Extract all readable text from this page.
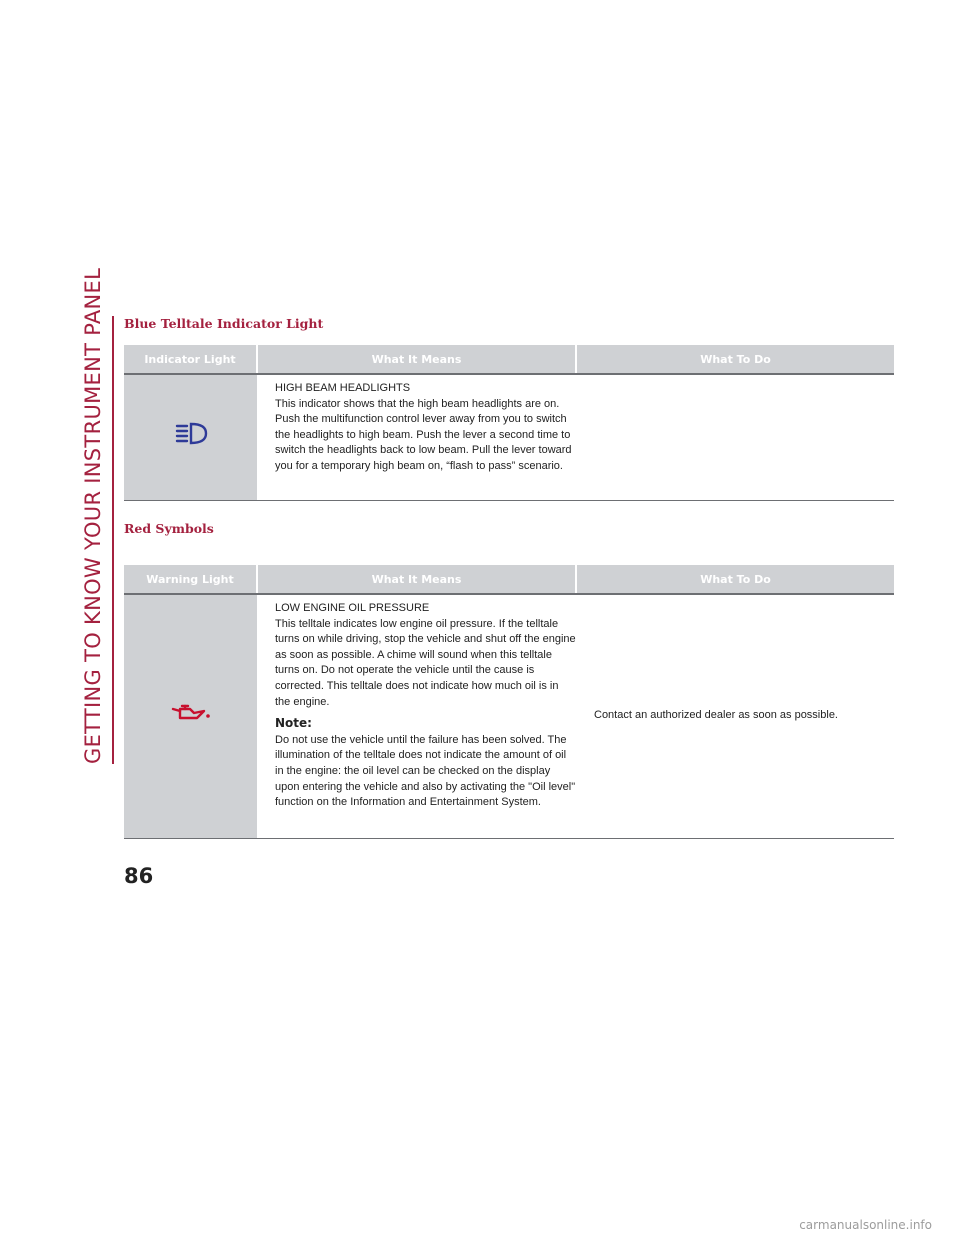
GETTING TO KNOW YOUR INSTRUMENT PANEL Blue Telltale Indicator Light
Indicator Light	What It Means	What To Do

HIGH BEAM HEADLIGHTS
This indicator shows that the high beam headlights are on. Push the multifunction control lever away from you to switch the headlights to high beam. Push the lever a second time to switch the headlights back to low beam. Pull the lever toward you for a temporary high beam on, “flash to pass” scenario.	

Red Symbols
Warning Light	What It Means	What To Do

LOW ENGINE OIL PRESSURE
This telltale indicates low engine oil pressure. If the telltale turns on while driving, stop the vehicle and shut off the engine as soon as possible. A chime will sound when this telltale turns on. Do not operate the vehicle until the cause is corrected. This telltale does not indicate how much oil is in the engine.
Note:
Do not use the vehicle until the failure has been solved. The illumination of the telltale does not indicate the amount of oil in the engine: the oil level can be checked on the display upon entering the vehicle and also by activating the "Oil level" function on the Information and Entertainment System.	Contact an authorized dealer as soon as possible.
86
carmanualsonline.info
